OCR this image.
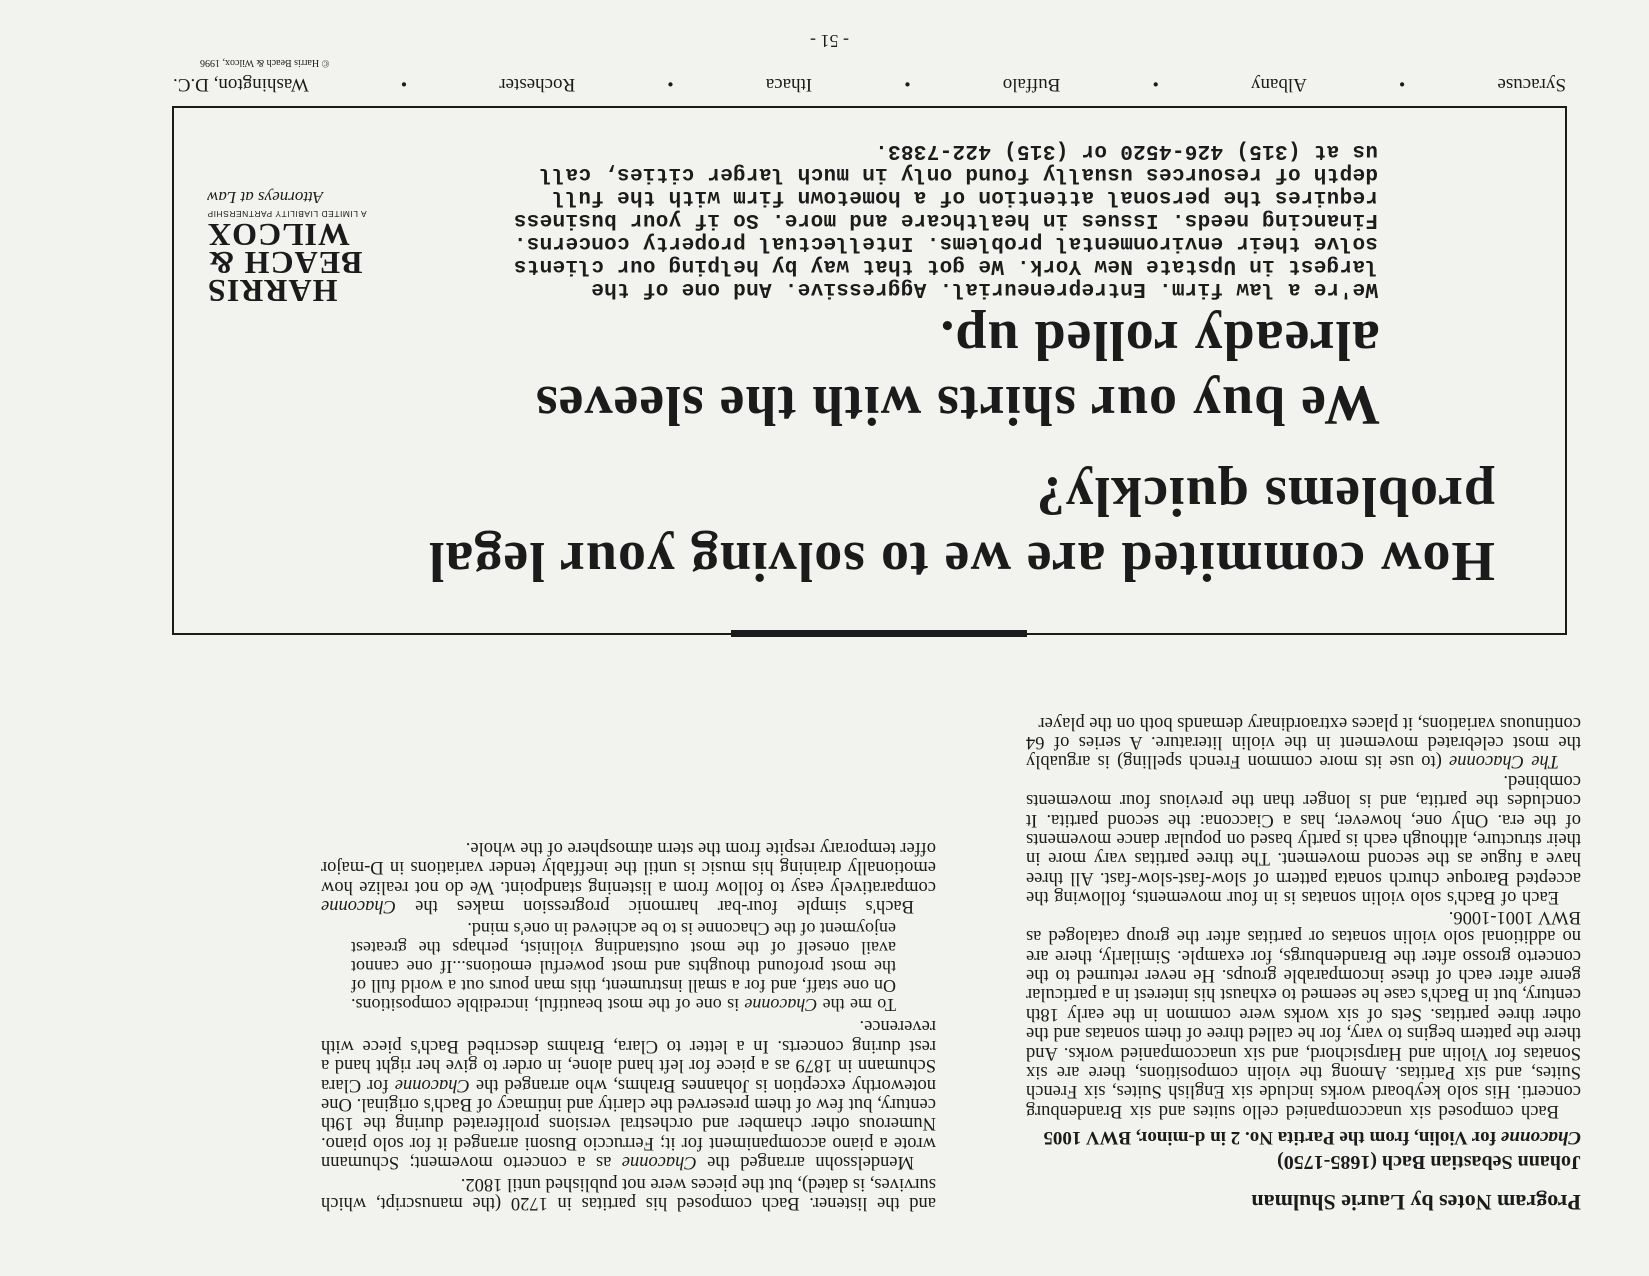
Program Notes by Laurie Shulman

Johann Sebastian Bach (1685-1750)

Chaconne for Violin, from the Partita No. 2 in d-minor, BWV 1005

Bach composed six unaccompanied cello suites and six Brandenburg concerti. His solo keyboard works include six English Suites, six French Suites, and six Partitas. Among the violin compositions, there are six Sonatas for Violin and Harpsichord, and six unaccompanied works. And there the pattern begins to vary, for he called three of them sonatas and the other three partitas. Sets of six works were common in the early 18th century, but in Bach's case he seemed to exhaust his interest in a particular genre after each of these incomparable groups. He never returned to the concerto grosso after the Brandenburgs, for example. Similarly, there are no additional solo violin sonatas or partitas after the group cataloged as BWV 1001-1006.

Each of Bach's solo violin sonatas is in four movements, following the accepted Baroque church sonata pattern of slow-fast-slow-fast. All three have a fugue as the second movement. The three partitas vary more in their structure, although each is partly based on popular dance movements of the era. Only one, however, has a Ciaccona: the second partita. It concludes the partita, and is longer than the previous four movements combined.

The Chaconne (to use its more common French spelling) is arguably the most celebrated movement in the violin literature. A series of 64 continuous variations, it places extraordinary demands both on the player

and the listener. Bach composed his partitas in 1720 (the manuscript, which survives, is dated), but the pieces were not published until 1802.

Mendelssohn arranged the Chaconne as a concerto movement; Schumann wrote a piano accompaniment for it; Ferruccio Busoni arranged it for solo piano. Numerous other chamber and orchestral versions proliferated during the 19th century, but few of them preserved the clarity and intimacy of Bach's original. One noteworthy exception is Johannes Brahms, who arranged the Chaconne for Clara Schumann in 1879 as a piece for left hand alone, in order to give her right hand a rest during concerts. In a letter to Clara, Brahms described Bach's piece with reverence.

To me the Chaconne is one of the most beautiful, incredible compositions. On one staff, and for a small instrument, this man pours out a world full of the most profound thoughts and most powerful emotions...If one cannot avail oneself of the most outstanding violinist, perhaps the greatest enjoyment of the Chaconne is to be achieved in one's mind.

Bach's simple four-bar harmonic progression makes the Chaconne comparatively easy to follow from a listening standpoint. We do not realize how emotionally draining his music is until the ineffably tender variations in D-major offer temporary respite from the stern atmosphere of the whole.

How commited are we to solving your legal problems quickly?

We buy our shirts with the sleeves already rolled up.

We're a law firm. Entrepreneurial. Aggressive. And one of the largest in Upstate New York. We got that way by helping our clients solve their environmental problems. Intellectual property concerns. Financing needs. Issues in healthcare and more. So if your business requires the personal attention of a hometown firm with the full depth of resources usually found only in much larger cities, call us at (315) 426-4520 or (315) 422-7383.

HARRIS
BEACH &
WILCOX
A LIMITED LIABILITY PARTNERSHIP
Attorneys at Law
Syracuse
•
Albany
•
Buffalo
•
Ithaca
•
Rochester
•
Washington, D.C.
© Harris Beach & Wilcox, 1996
- 51 -
